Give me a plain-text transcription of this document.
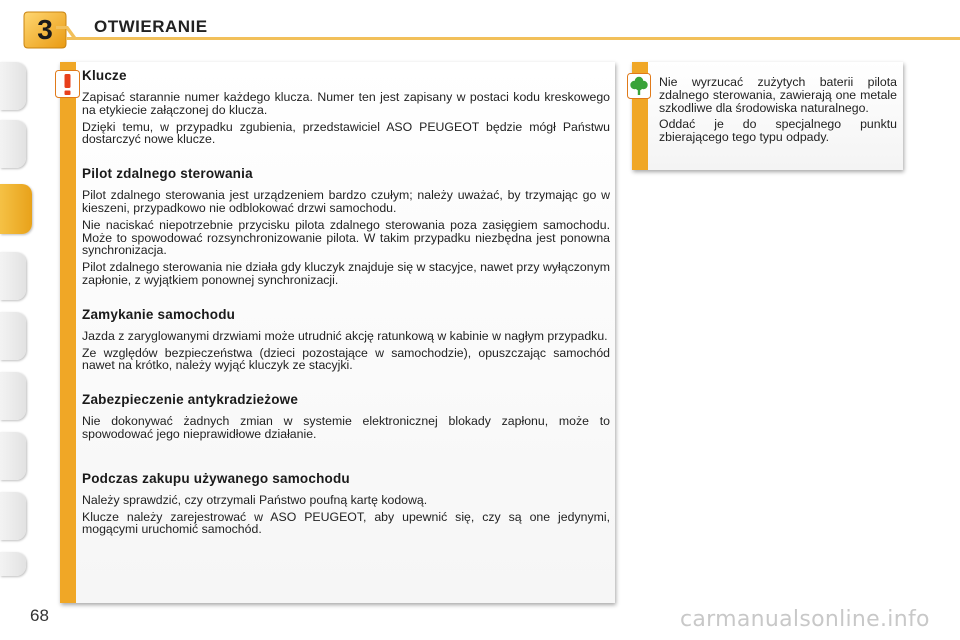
3	OTWIERANIE
Klucze

Zapisać starannie numer każdego klucza. Numer ten jest zapisany w postaci kodu kreskowego na etykiecie załączonej do klucza.

Dzięki temu, w przypadku zgubienia, przedstawiciel ASO PEUGEOT będzie mógł Państwu dostarczyć nowe klucze.

Pilot zdalnego sterowania

Pilot zdalnego sterowania jest urządzeniem bardzo czułym; należy uważać, by trzymając go w kieszeni, przypadkowo nie odblokować drzwi samochodu.

Nie naciskać niepotrzebnie przycisku pilota zdalnego sterowania poza zasięgiem samochodu. Może to spowodować rozsynchronizowanie pilota. W takim przypadku niezbędna jest ponowna synchronizacja.

Pilot zdalnego sterowania nie działa gdy kluczyk znajduje się w stacyjce, nawet przy wyłączonym zapłonie, z wyjątkiem ponownej synchronizacji.

Zamykanie samochodu

Jazda z zaryglowanymi drzwiami może utrudnić akcję ratunkową w kabinie w nagłym przypadku.

Ze względów bezpieczeństwa (dzieci pozostające w samochodzie), opuszczając samochód nawet na krótko, należy wyjąć kluczyk ze stacyjki.

Zabezpieczenie antykradzieżowe

Nie dokonywać żadnych zmian w systemie elektronicznej blokady zapłonu, może to spowodować jego nieprawidłowe działanie.

Podczas zakupu używanego samochodu

Należy sprawdzić, czy otrzymali Państwo poufną kartę kodową.

Klucze należy zarejestrować w ASO PEUGEOT, aby upewnić się, czy są one jedynymi, mogącymi uruchomić samochód.

Nie wyrzucać zużytych baterii pilota zdalnego sterowania, zawierają one metale szkodliwe dla środowiska naturalnego.

Oddać je do specjalnego punktu zbierającego tego typu odpady.

68	carmanualsonline.info
